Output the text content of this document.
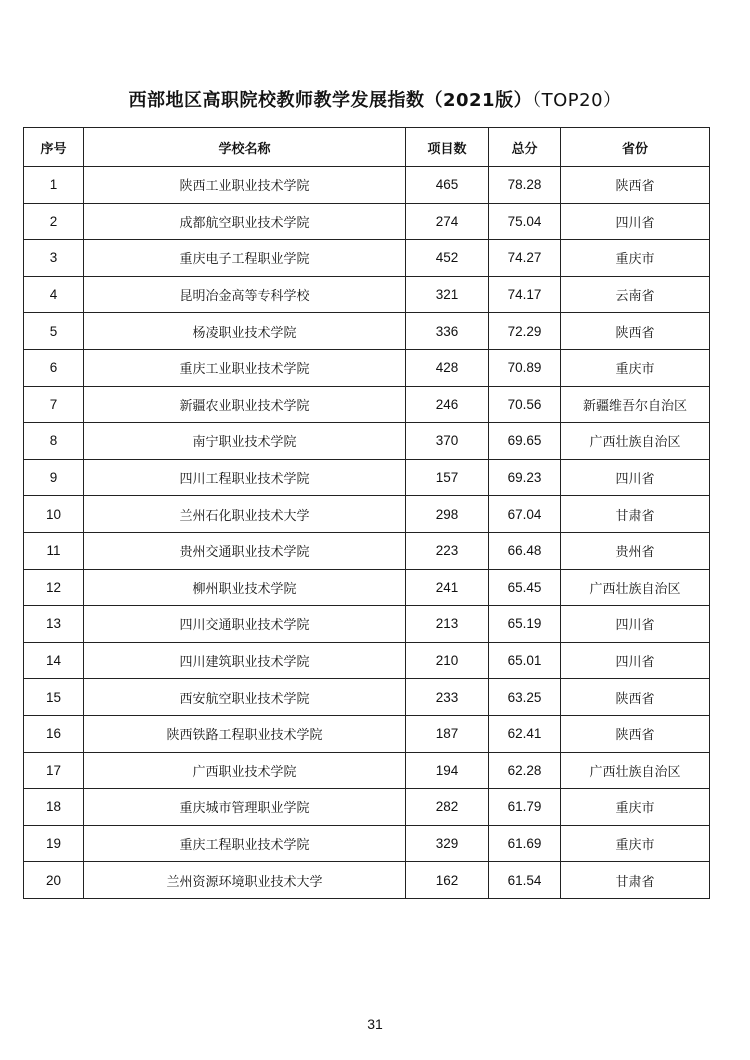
西部地区高职院校教师教学发展指数（2021版）（TOP20）
序号	学校名称	项目数	总分	省份
1	陕西工业职业技术学院	465	78.28	陕西省
2	成都航空职业技术学院	274	75.04	四川省
3	重庆电子工程职业学院	452	74.27	重庆市
4	昆明冶金高等专科学校	321	74.17	云南省
5	杨凌职业技术学院	336	72.29	陕西省
6	重庆工业职业技术学院	428	70.89	重庆市
7	新疆农业职业技术学院	246	70.56	新疆维吾尔自治区
8	南宁职业技术学院	370	69.65	广西壮族自治区
9	四川工程职业技术学院	157	69.23	四川省
10	兰州石化职业技术大学	298	67.04	甘肃省
11	贵州交通职业技术学院	223	66.48	贵州省
12	柳州职业技术学院	241	65.45	广西壮族自治区
13	四川交通职业技术学院	213	65.19	四川省
14	四川建筑职业技术学院	210	65.01	四川省
15	西安航空职业技术学院	233	63.25	陕西省
16	陕西铁路工程职业技术学院	187	62.41	陕西省
17	广西职业技术学院	194	62.28	广西壮族自治区
18	重庆城市管理职业学院	282	61.79	重庆市
19	重庆工程职业技术学院	329	61.69	重庆市
20	兰州资源环境职业技术大学	162	61.54	甘肃省
31
